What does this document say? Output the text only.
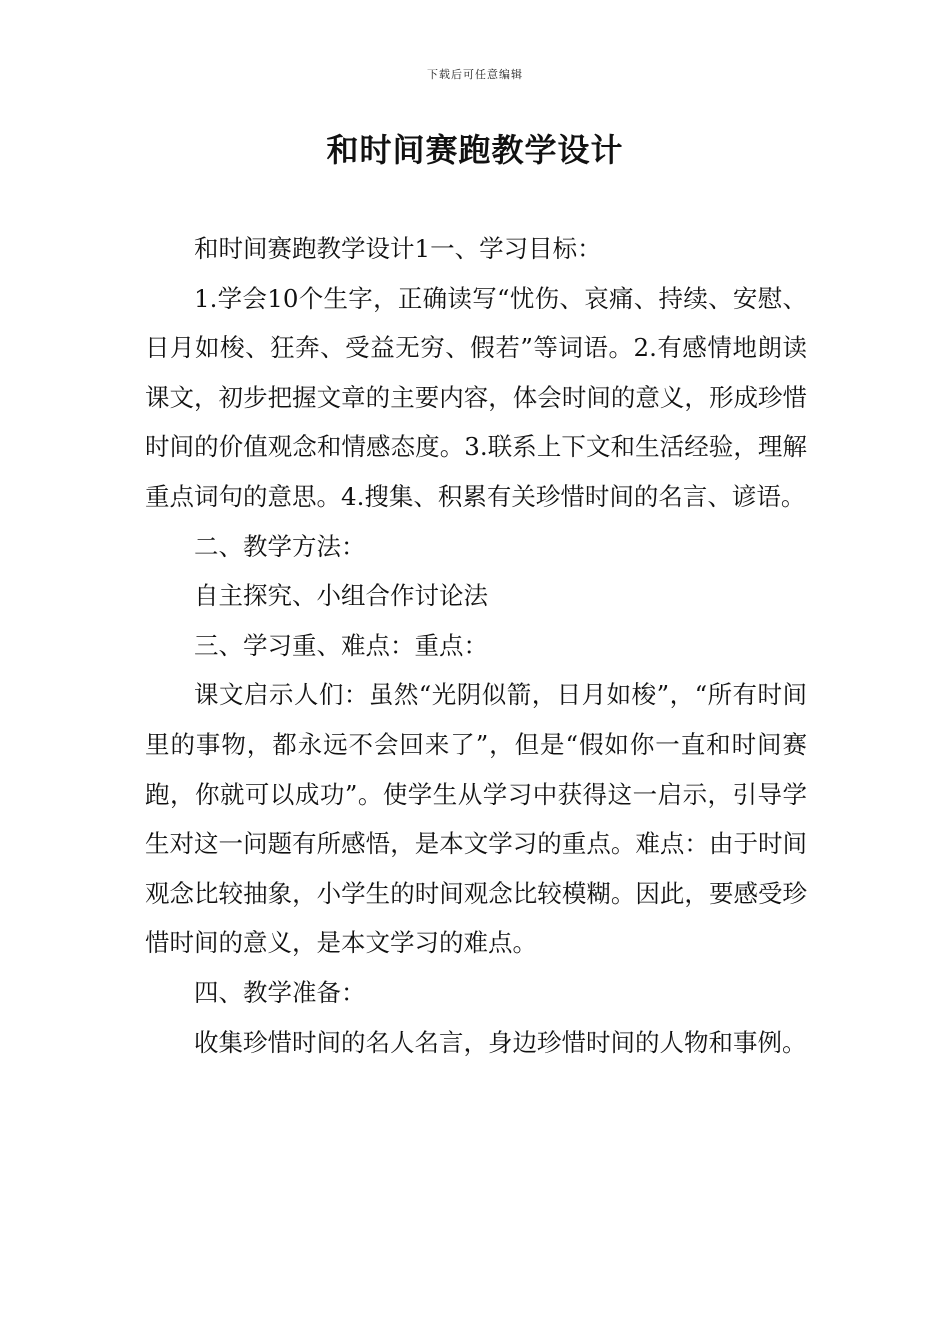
下载后可任意编辑
和时间赛跑教学设计

和时间赛跑教学设计1一、学习目标：

1.学会10个生字，正确读写“忧伤、哀痛、持续、安慰、日月如梭、狂奔、受益无穷、假若”等词语。2.有感情地朗读课文，初步把握文章的主要内容，体会时间的意义，形成珍惜时间的价值观念和情感态度。3.联系上下文和生活经验，理解重点词句的意思。4.搜集、积累有关珍惜时间的名言、谚语。

二、教学方法：

自主探究、小组合作讨论法

三、学习重、难点：重点：

课文启示人们：虽然“光阴似箭，日月如梭”，“所有时间里的事物，都永远不会回来了”，但是“假如你一直和时间赛跑，你就可以成功”。使学生从学习中获得这一启示，引导学生对这一问题有所感悟，是本文学习的重点。难点：由于时间观念比较抽象，小学生的时间观念比较模糊。因此，要感受珍惜时间的意义，是本文学习的难点。

四、教学准备：

收集珍惜时间的名人名言，身边珍惜时间的人物和事例。
